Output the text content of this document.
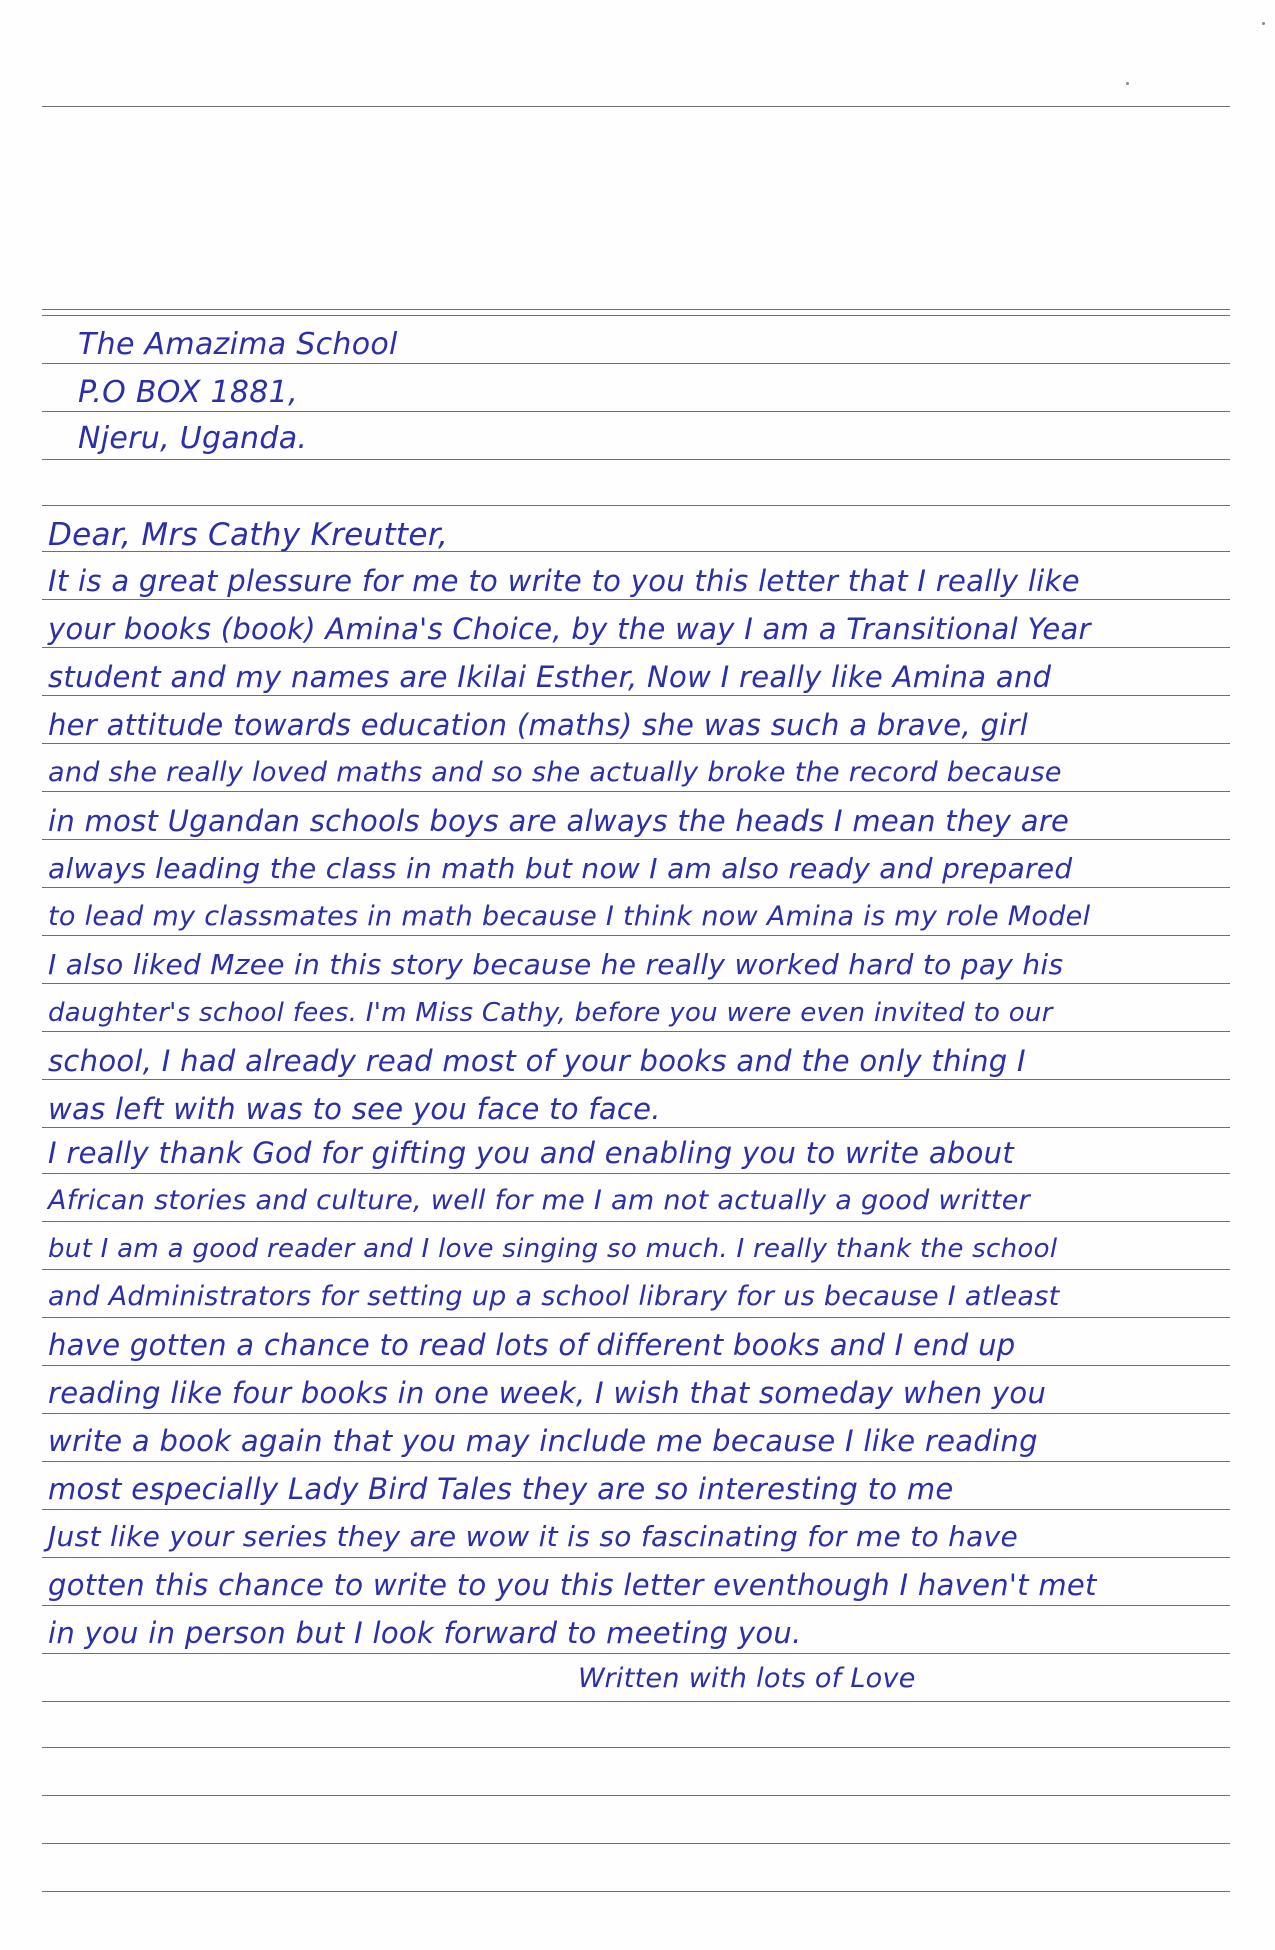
The Amazima School
P.O BOX 1881,
Njeru, Uganda.
Dear, Mrs Cathy Kreutter,
It is a great plessure for me to write to you this letter that I really like
your books (book) Amina's Choice, by the way I am a Transitional Year
student and my names are Ikilai Esther, Now I really like Amina and
her attitude towards education (maths) she was such a brave, girl
and she really loved maths and so she actually broke the record because
in most Ugandan schools boys are always the heads I mean they are
always leading the class in math but now I am also ready and prepared
to lead my classmates in math because I think now Amina is my role Model
I also liked Mzee in this story because he really worked hard to pay his
daughter's school fees. I'm Miss Cathy, before you were even invited to our
school, I had already read most of your books and the only thing I
was left with was to see you face to face.
I really thank God for gifting you and enabling you to write about
African stories and culture, well for me I am not actually a good writter
but I am a good reader and I love singing so much. I really thank the school
and Administrators for setting up a school library for us because I atleast
have gotten a chance to read lots of different books and I end up
reading like four books in one week, I wish that someday when you
write a book again that you may include me because I like reading
most especially Lady Bird Tales they are so interesting to me
Just like your series they are wow it is so fascinating for me to have
gotten this chance to write to you this letter eventhough I haven't met
in you in person but I look forward to meeting you.
Written with lots of Love
